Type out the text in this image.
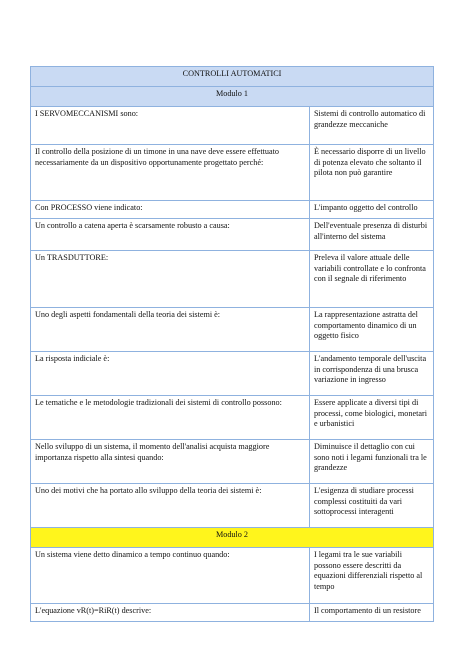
CONTROLLI AUTOMATICI	
Modulo 1	
I SERVOMECCANISMI sono:	Sistemi di controllo automatico di grandezze meccaniche
Il controllo della posizione di un timone in una nave deve essere effettuato necessariamente da un dispositivo opportunamente progettato perché:	È necessario disporre di un livello di potenza elevato che soltanto il pilota non può garantire
Con PROCESSO viene indicato:	L'impanto oggetto del controllo
Un controllo a catena aperta è scarsamente robusto a causa:	Dell'eventuale presenza di disturbi all'interno del sistema
Un TRASDUTTORE:	Preleva il valore attuale delle variabili controllate e lo confronta con il segnale di riferimento
Uno degli aspetti fondamentali della teoria dei sistemi è:	La rappresentazione astratta del comportamento dinamico di un oggetto fisico
La risposta indiciale è:	L'andamento temporale dell'uscita in corrispondenza di una brusca variazione in ingresso
Le tematiche e le metodologie tradizionali dei sistemi di controllo possono:	Essere applicate a diversi tipi di processi, come biologici, monetari e urbanistici
Nello sviluppo di un sistema, il momento dell'analisi acquista maggiore importanza rispetto alla sintesi quando:	Diminuisce il dettaglio con cui sono noti i legami funzionali tra le grandezze
Uno dei motivi che ha portato allo sviluppo della teoria dei sistemi è:	L'esigenza di studiare processi complessi costituiti da vari sottoprocessi interagenti
Modulo 2	
Un sistema viene detto dinamico a tempo continuo quando:	I legami tra le sue variabili possono essere descritti da equazioni differenziali rispetto al tempo
L'equazione vR(t)=RiR(t) descrive:	Il comportamento di un resistore
